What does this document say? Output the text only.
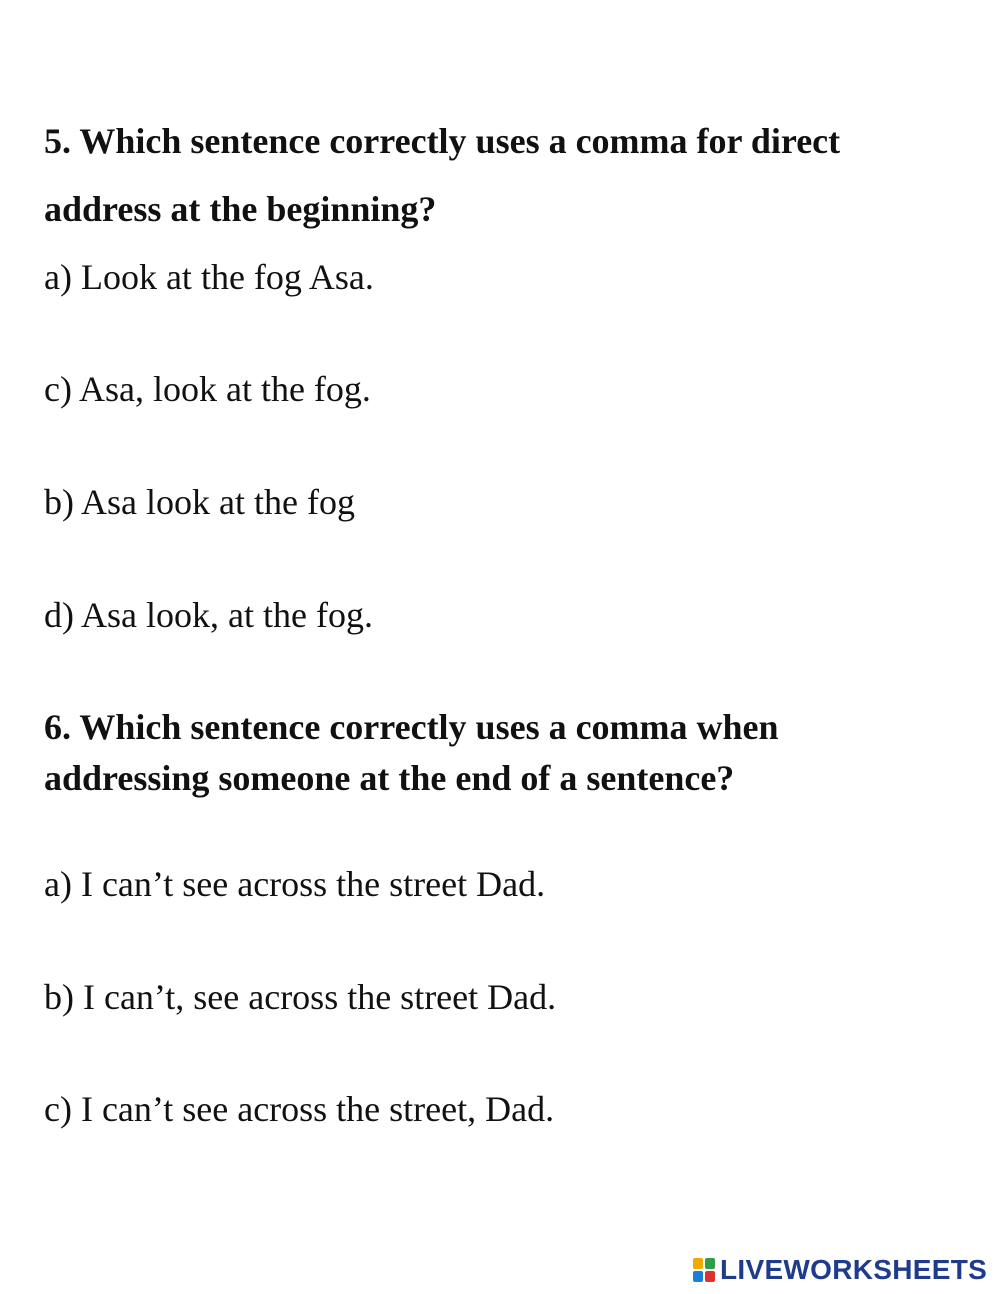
5. Which sentence correctly uses a comma for direct

address at the beginning?

a) Look at the fog Asa.
c) Asa, look at the fog.
b) Asa look at the fog
d) Asa look, at the fog.

6. Which sentence correctly uses a comma when

addressing someone at the end of a sentence?

a) I can’t see across the street Dad.
b) I can’t, see across the street Dad.
c) I can’t see across the street, Dad.
LIVEWORKSHEETS
